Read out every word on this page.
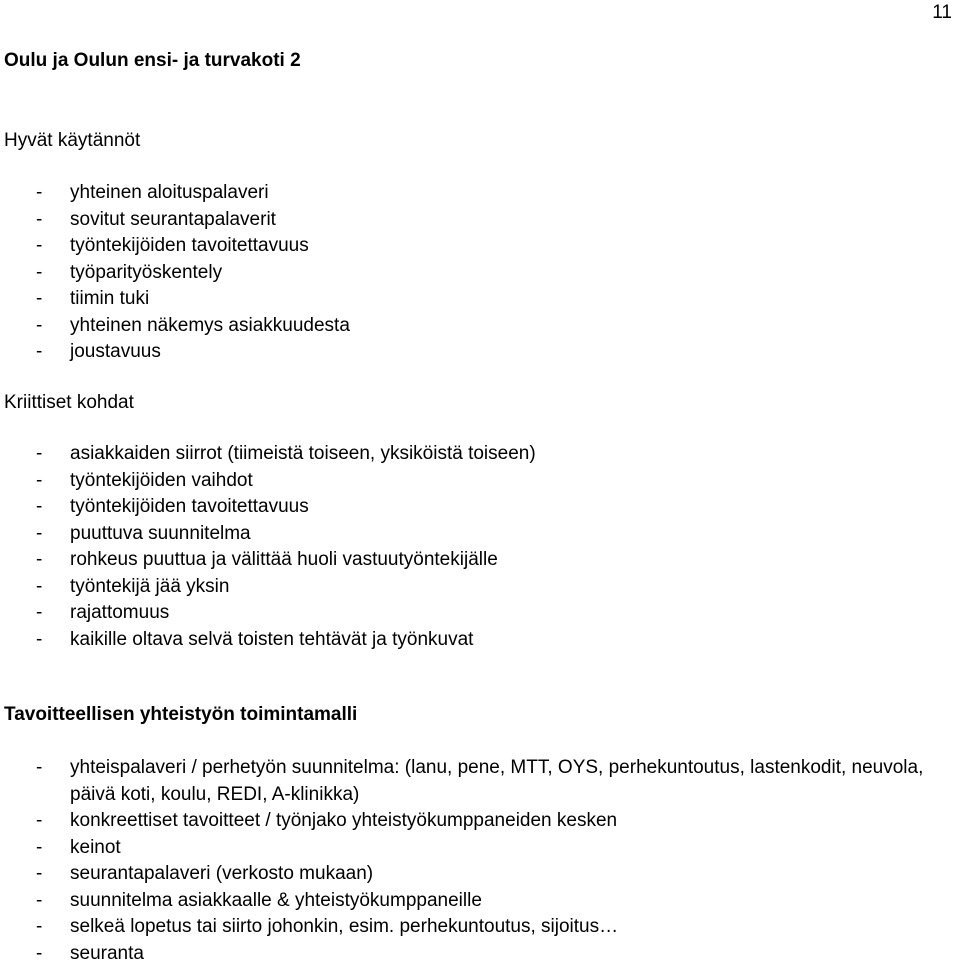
11
Oulu ja Oulun ensi- ja turvakoti 2
Hyvät käytännöt
- yhteinen aloituspalaveri
- sovitut seurantapalaverit
- työntekijöiden tavoitettavuus
- työparityöskentely
- tiimin tuki
- yhteinen näkemys asiakkuudesta
- joustavuus
Kriittiset kohdat
- asiakkaiden siirrot (tiimeistä toiseen, yksiköistä toiseen)
- työntekijöiden vaihdot
- työntekijöiden tavoitettavuus
- puuttuva suunnitelma
- rohkeus puuttua ja välittää huoli vastuutyöntekijälle
- työntekijä jää yksin
- rajattomuus
- kaikille oltava selvä toisten tehtävät ja työnkuvat
Tavoitteellisen yhteistyön toimintamalli
- yhteispalaveri / perhetyön suunnitelma: (lanu, pene, MTT, OYS, perhekuntoutus, lastenkodit, neuvola, päivä koti, koulu, REDI, A-klinikka)
- konkreettiset tavoitteet / työnjako yhteistyökumppaneiden kesken
- keinot
- seurantapalaveri (verkosto mukaan)
- suunnitelma asiakkaalle & yhteistyökumppaneille
- selkeä lopetus tai siirto johonkin, esim. perhekuntoutus, sijoitus…
- seuranta
